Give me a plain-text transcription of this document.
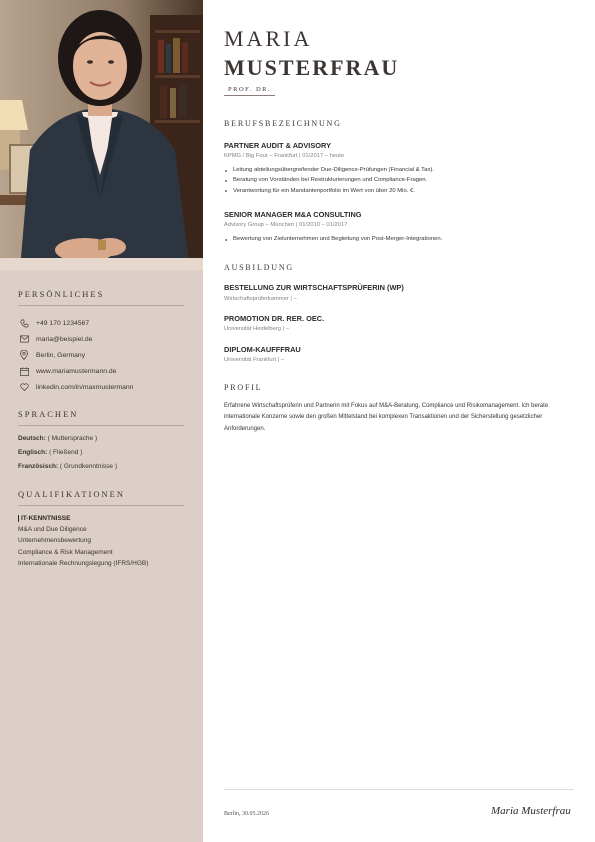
PERSÖNLICHES
+49 170 1234567
maria@beispiel.de
Berlin, Germany
www.mariamustermann.de
linkedin.com/in/maxmustermann
SPRACHEN
Deutsch: ( Muttersprache )
Englisch: ( Fließend )
Französisch: ( Grundkenntnisse )
QUALIFIKATIONEN
IT-KENNTNISSE
M&A und Due Diligence
Unternehmensbewertung
Compliance & Risk Management
Internationale Rechnungslegung (IFRS/HGB)
MARIA
MUSTERFRAU
PROF. DR.
BERUFSBEZEICHNUNG
PARTNER AUDIT & ADVISORY
KPMG / Big Four – Frankfurt | 01/2017 – heute
Leitung abteilungsübergreifender Due-Diligence-Prüfungen (Financial & Tax).
Beratung von Vorständen bei Restrukturierungen und Compliance-Fragen.
Verantwortung für ein Mandantenportfolio im Wert von über 20 Mio. €.
SENIOR MANAGER M&A CONSULTING
Advisory Group – München | 01/2010 – 01/2017
Bewertung von Zielunternehmen und Begleitung von Post-Merger-Integrationen.
AUSBILDUNG
BESTELLUNG ZUR WIRTSCHAFTSPRÜFERIN (WP)
Wirtschaftsprüferkammer | –
PROMOTION DR. RER. OEC.
Universität Heidelberg | –
DIPLOM-KAUFFFRAU
Universität Frankfurt | –
PROFIL
Erfahrene Wirtschaftsprüferin und Partnerin mit Fokus auf M&A-Beratung, Compliance und Risikomanagement. Ich berate internationale Konzerne sowie den großen Mittelstand bei komplexen Transaktionen und der Sicherstellung gesetzlicher Anforderungen.
Berlin, 30.05.2026	Maria Musterfrau
